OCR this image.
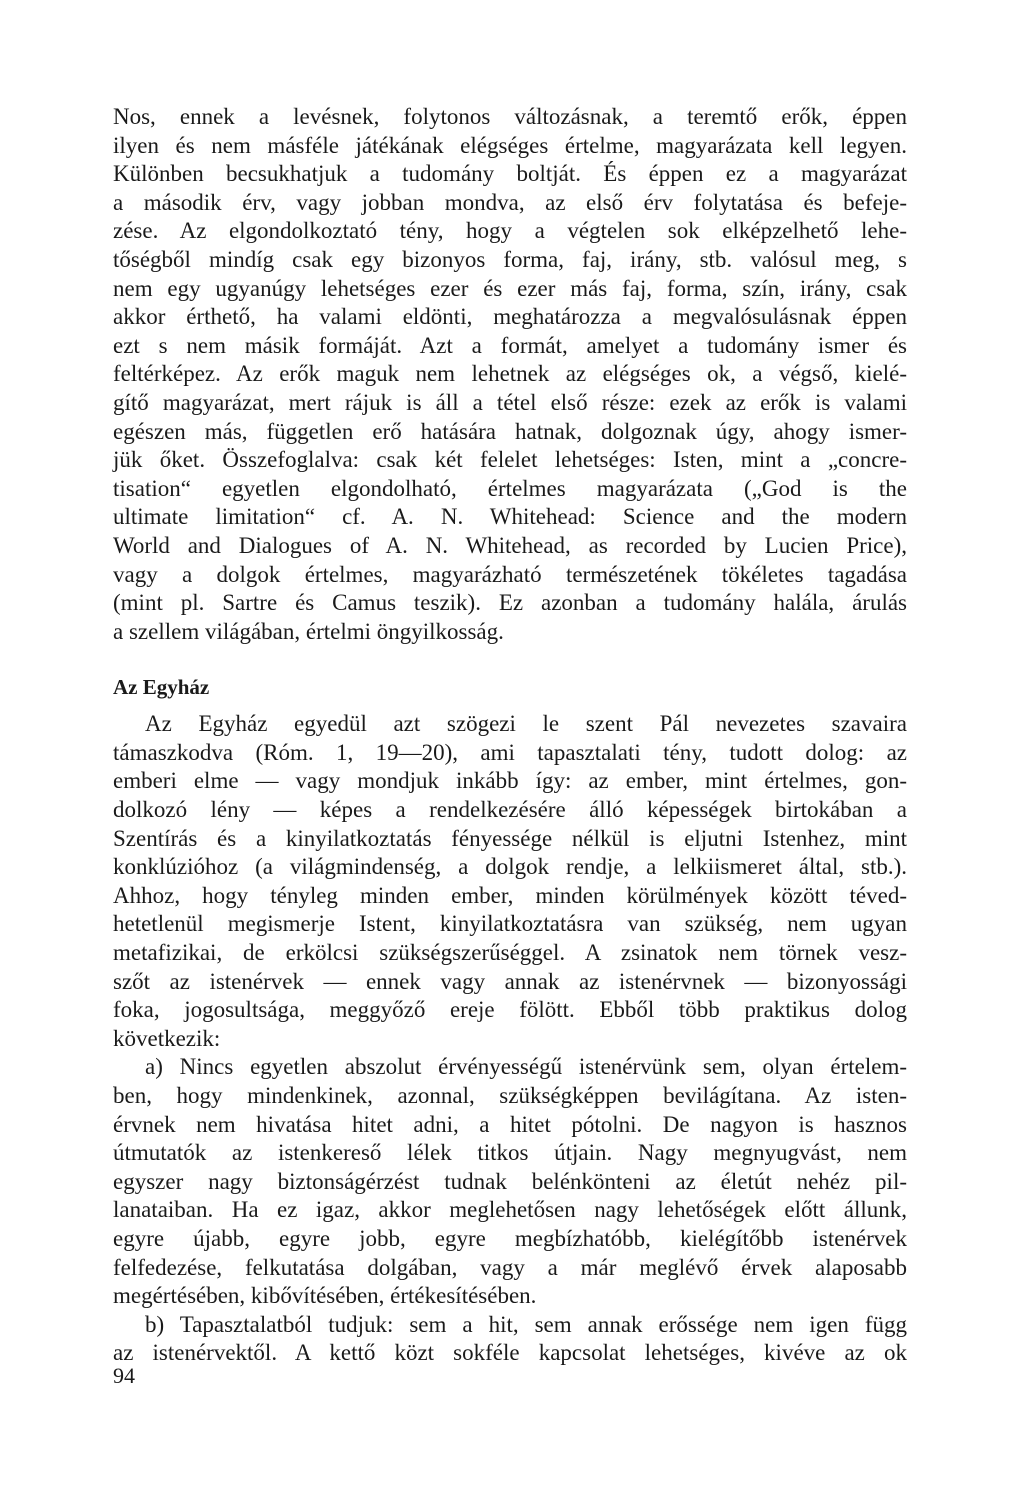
Nos, ennek a levésnek, folytonos változásnak, a teremtő erők, éppen
ilyen és nem másféle játékának elégséges értelme, magyarázata kell legyen.
Különben becsukhatjuk a tudomány boltját. És éppen ez a magyarázat
a második érv, vagy jobban mondva, az első érv folytatása és befeje-
zése. Az elgondolkoztató tény, hogy a végtelen sok elképzelhető lehe-
tőségből mindíg csak egy bizonyos forma, faj, irány, stb. valósul meg, s
nem egy ugyanúgy lehetséges ezer és ezer más faj, forma, szín, irány, csak
akkor érthető, ha valami eldönti, meghatározza a megvalósulásnak éppen
ezt s nem másik formáját. Azt a formát, amelyet a tudomány ismer és
feltérképez. Az erők maguk nem lehetnek az elégséges ok, a végső, kielé-
gítő magyarázat, mert rájuk is áll a tétel első része: ezek az erők is valami
egészen más, független erő hatására hatnak, dolgoznak úgy, ahogy ismer-
jük őket. Összefoglalva: csak két felelet lehetséges: Isten, mint a „concre-
tisation“ egyetlen elgondolható, értelmes magyarázata („God is the
ultimate limitation“ cf. A. N. Whitehead: Science and the modern
World and Dialogues of A. N. Whitehead, as recorded by Lucien Price),
vagy a dolgok értelmes, magyarázható természetének tökéletes tagadása
(mint pl. Sartre és Camus teszik). Ez azonban a tudomány halála, árulás
a szellem világában, értelmi öngyilkosság.
Az Egyház
Az Egyház egyedül azt szögezi le szent Pál nevezetes szavaira
támaszkodva (Róm. 1, 19—20), ami tapasztalati tény, tudott dolog: az
emberi elme — vagy mondjuk inkább így: az ember, mint értelmes, gon-
dolkozó lény — képes a rendelkezésére álló képességek birtokában a
Szentírás és a kinyilatkoztatás fényessége nélkül is eljutni Istenhez, mint
konklúzióhoz (a világmindenség, a dolgok rendje, a lelkiismeret által, stb.).
Ahhoz, hogy tényleg minden ember, minden körülmények között téved-
hetetlenül megismerje Istent, kinyilatkoztatásra van szükség, nem ugyan
metafizikai, de erkölcsi szükségszerűséggel. A zsinatok nem törnek vesz-
szőt az istenérvek — ennek vagy annak az istenérvnek — bizonyossági
foka, jogosultsága, meggyőző ereje fölött. Ebből több praktikus dolog
következik:
a) Nincs egyetlen abszolut érvényességű istenérvünk sem, olyan értelem-
ben, hogy mindenkinek, azonnal, szükségképpen bevilágítana. Az isten-
érvnek nem hivatása hitet adni, a hitet pótolni. De nagyon is hasznos
útmutatók az istenkereső lélek titkos útjain. Nagy megnyugvást, nem
egyszer nagy biztonságérzést tudnak belénkönteni az életút nehéz pil-
lanataiban. Ha ez igaz, akkor meglehetősen nagy lehetőségek előtt állunk,
egyre újabb, egyre jobb, egyre megbízhatóbb, kielégítőbb istenérvek
felfedezése, felkutatása dolgában, vagy a már meglévő érvek alaposabb
megértésében, kibővítésében, értékesítésében.
b) Tapasztalatból tudjuk: sem a hit, sem annak erőssége nem igen függ
az istenérvektől. A kettő közt sokféle kapcsolat lehetséges, kivéve az ok
94
